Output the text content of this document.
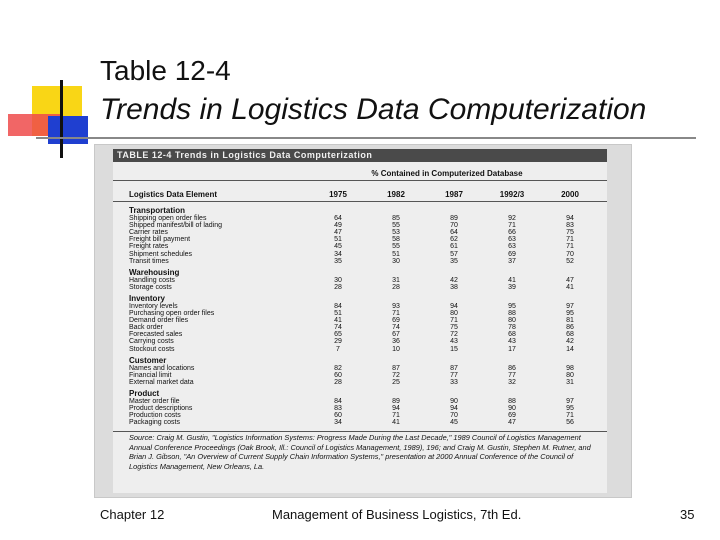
Table 12-4
Trends in Logistics Data Computerization
TABLE 12-4 Trends in Logistics Data Computerization
% Contained in Computerized Database
Logistics Data Element	1975	1982	1987	1992/3	2000
Transportation
Shipping open order files	64	85	89	92	94
Shipped manifest/bill of lading	49	55	70	71	83
Carrier rates	47	53	64	66	75
Freight bill payment	51	58	62	63	71
Freight rates	45	55	61	63	71
Shipment schedules	34	51	57	69	70
Transit times	35	30	35	37	52
Warehousing
Handling costs	30	31	42	41	47
Storage costs	28	28	38	39	41
Inventory
Inventory levels	84	93	94	95	97
Purchasing open order files	51	71	80	88	95
Demand order files	41	69	71	80	81
Back order	74	74	75	78	86
Forecasted sales	65	67	72	68	68
Carrying costs	29	36	43	43	42
Stockout costs	7	10	15	17	14
Customer
Names and locations	82	87	87	86	98
Financial limit	60	72	77	77	80
External market data	28	25	33	32	31
Product
Master order file	84	89	90	88	97
Product descriptions	83	94	94	90	95
Production costs	60	71	70	69	71
Packaging costs	34	41	45	47	56
Source: Craig M. Gustin, "Logistics Information Systems: Progress Made During the Last Decade," 1989 Council of Logistics Management Annual Conference Proceedings (Oak Brook, Ill.: Council of Logistics Management, 1989), 196; and Craig M. Gustin, Stephen M. Rutner, and Brian J. Gibson, "An Overview of Current Supply Chain Information Systems," presentation at 2000 Annual Conference of the Council of Logistics Management, New Orleans, La.
Chapter 12	Management of Business Logistics, 7th Ed.	35
